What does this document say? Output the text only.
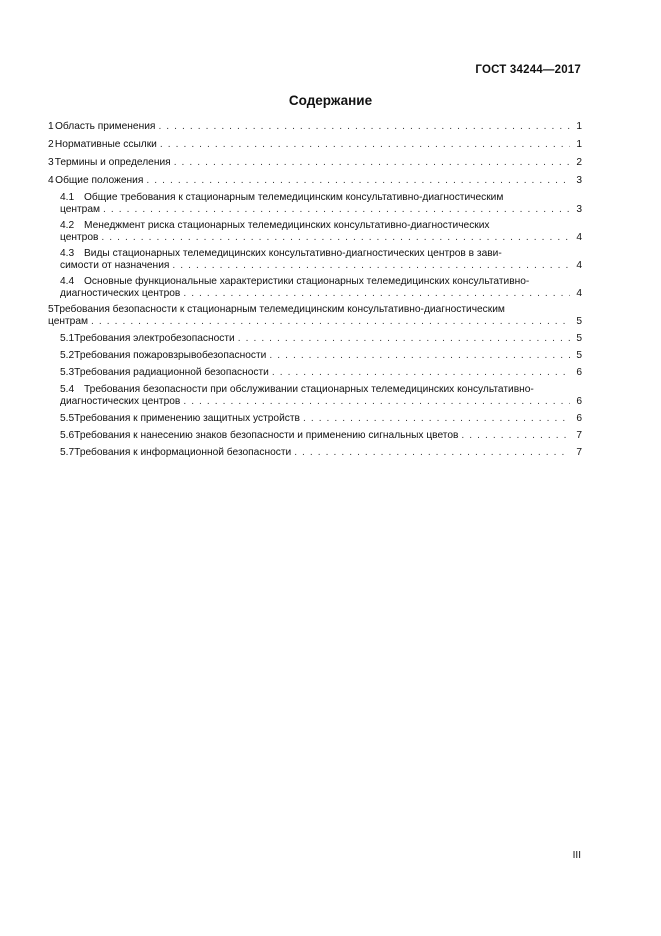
ГОСТ 34244—2017
Содержание
1 Область применения . . .	1
2 Нормативные ссылки . . .	1
3 Термины и определения . . .	2
4 Общие положения . . .	3
4.1 Общие требования к стационарным телемедицинским консультативно-диагностическим
центрам . . .	3
4.2 Менеджмент риска стационарных телемедицинских консультативно-диагностических
центров . . .	4
4.3 Виды стационарных телемедицинских консультативно-диагностических центров в зави-
симости от назначения . . .	4
4.4 Основные функциональные характеристики стационарных телемедицинских консультативно-
диагностических центров . . .	4
5Требования безопасности к стационарным телемедицинским консультативно-диагностическим
центрам . . .	5
5.1 Требования электробезопасности . . .	5
5.2 Требования пожаровзрывобезопасности . . .	5
5.3 Требования радиационной безопасности . . .	6
5.4 Требования безопасности при обслуживании стационарных телемедицинских консультативно-
диагностических центров . . .	6
5.5 Требования к применению защитных устройств . . .	6
5.6 Требования к нанесению знаков безопасности и применению сигнальных цветов . . .	7
5.7 Требования к информационной безопасности . . .	7
III
